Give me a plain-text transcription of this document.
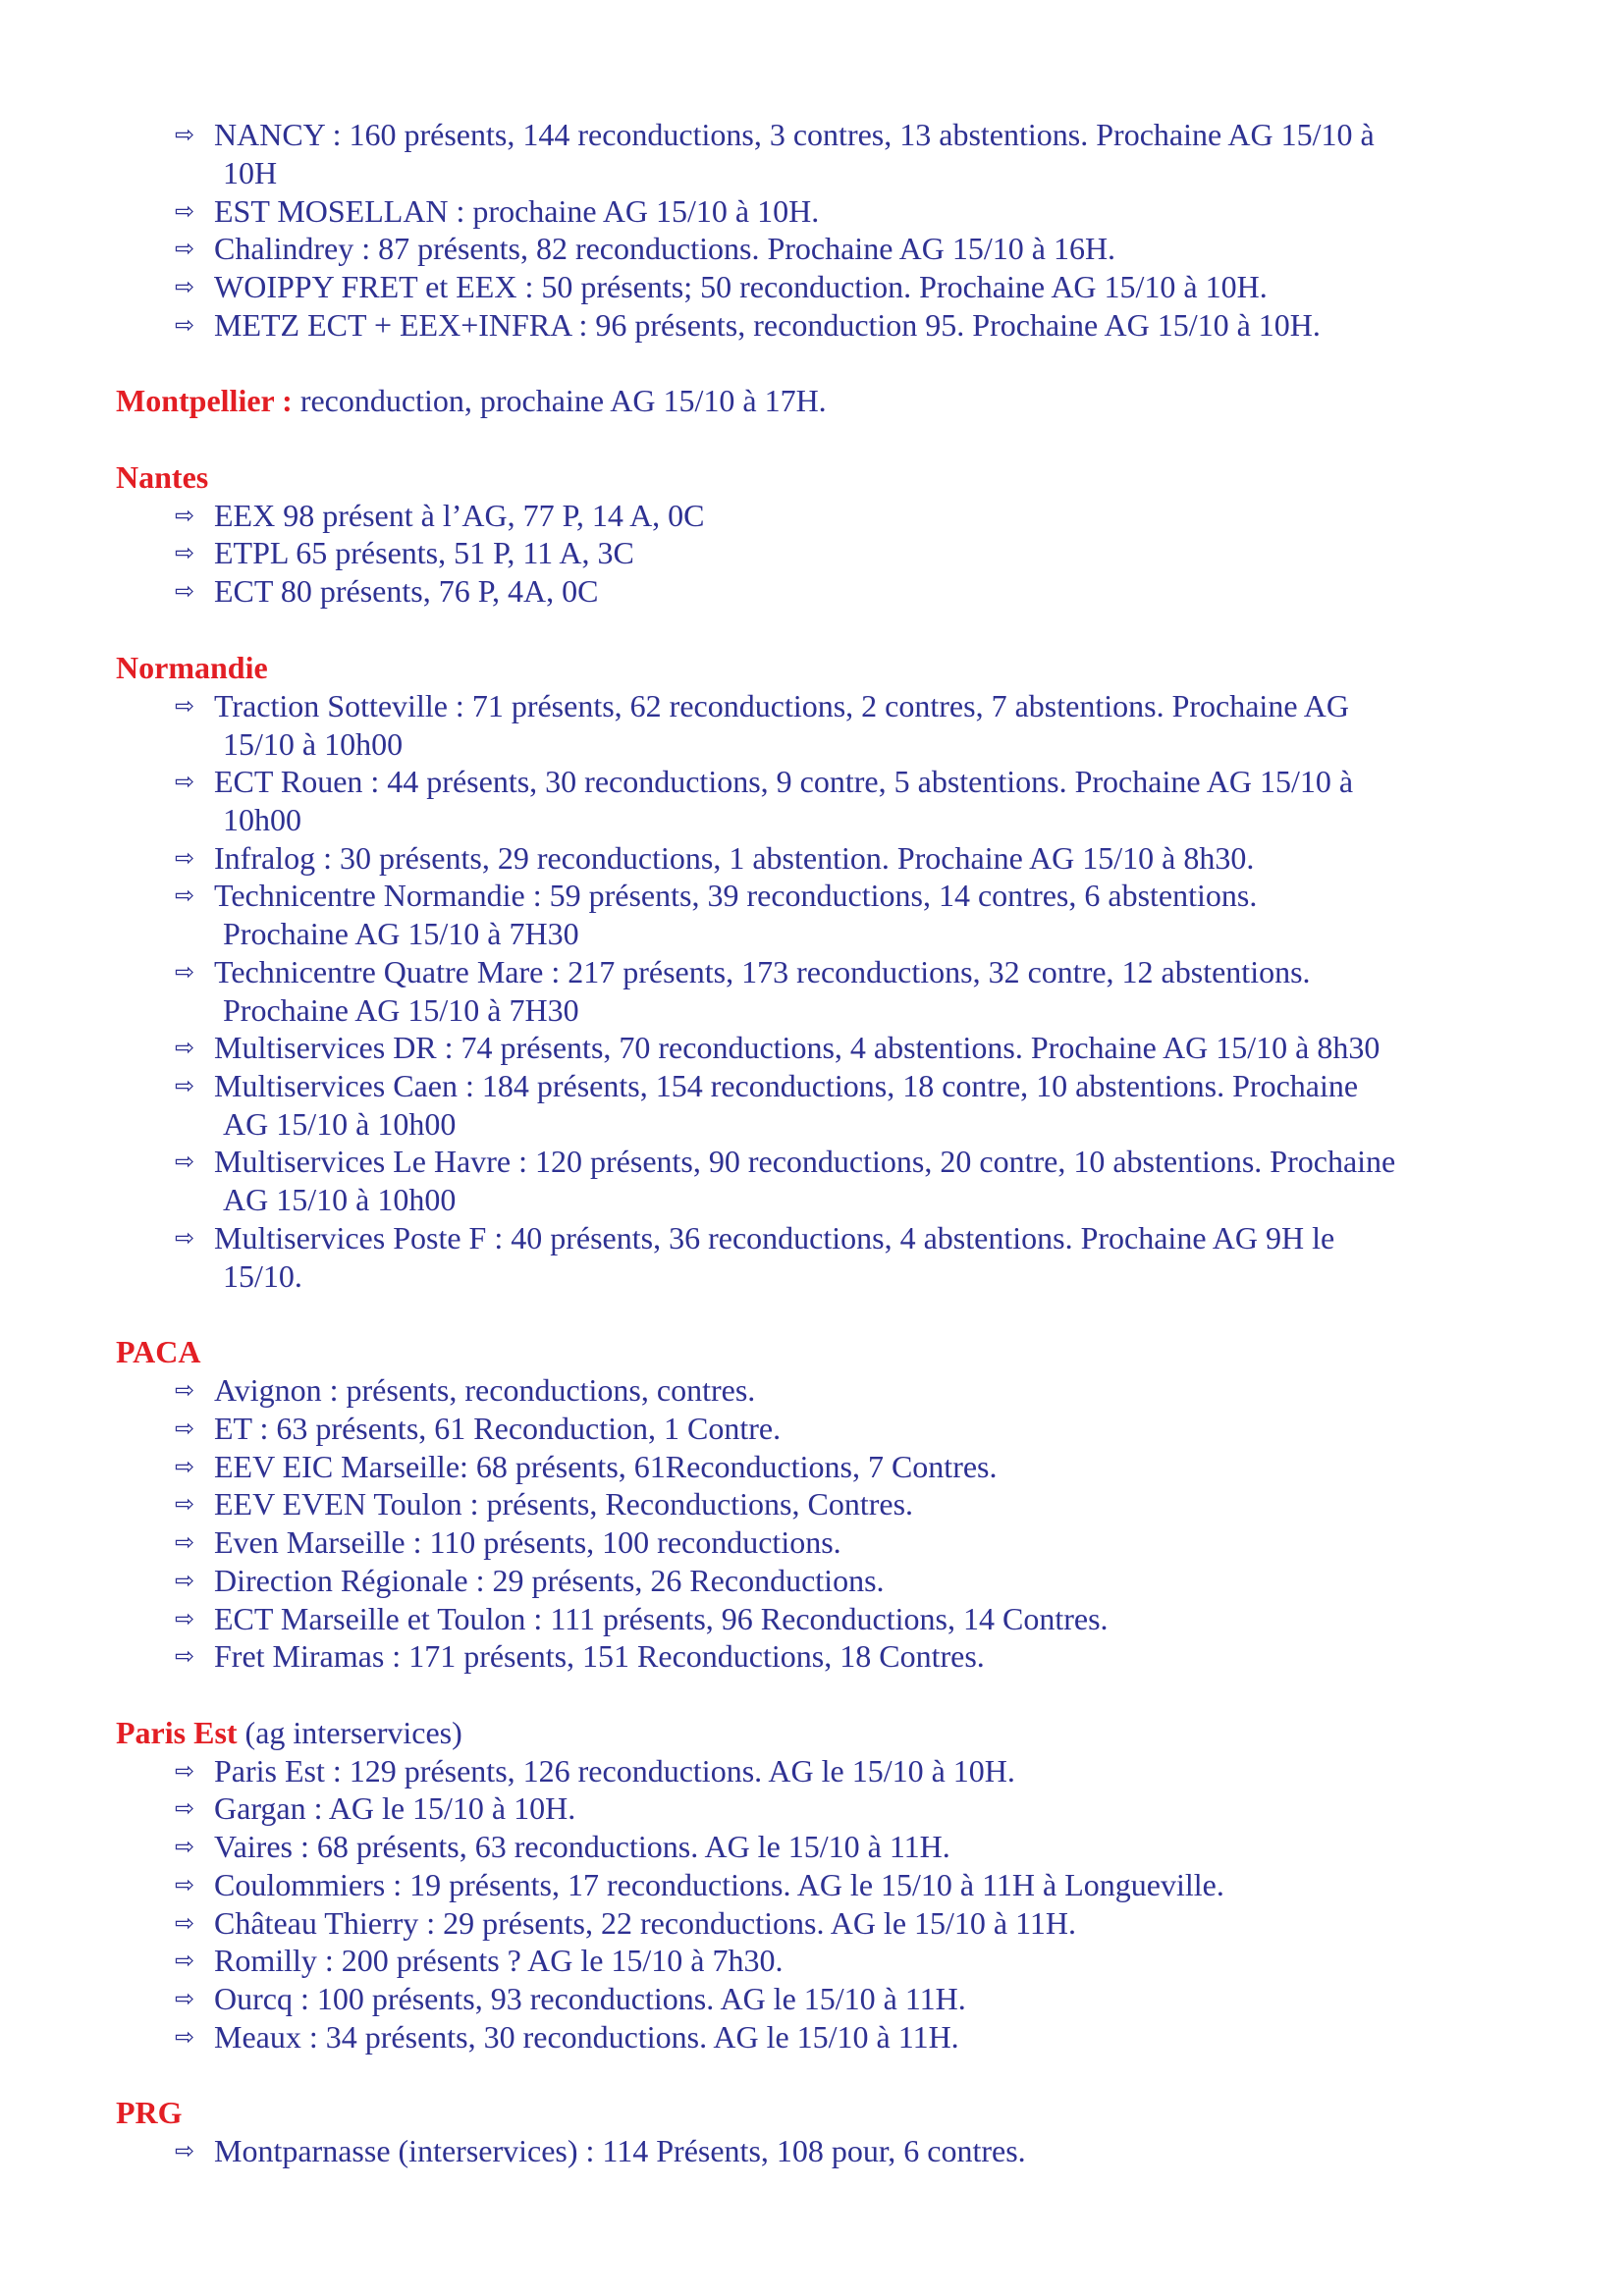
⇨ NANCY : 160 présents, 144 reconductions, 3 contres, 13 abstentions. Prochaine AG 15/10 à
10H
⇨ EST MOSELLAN : prochaine AG 15/10 à 10H.
⇨ Chalindrey : 87 présents, 82 reconductions. Prochaine AG 15/10 à 16H.
⇨ WOIPPY FRET et EEX : 50 présents; 50 reconduction. Prochaine AG 15/10 à 10H.
⇨ METZ ECT + EEX+INFRA : 96 présents, reconduction 95. Prochaine AG 15/10 à 10H.
Montpellier : reconduction, prochaine AG 15/10 à 17H.
Nantes
⇨ EEX 98 présent à l’AG, 77 P, 14 A, 0C
⇨ ETPL 65 présents, 51 P, 11 A, 3C
⇨ ECT 80 présents, 76 P, 4A, 0C
Normandie
⇨ Traction Sotteville : 71 présents, 62 reconductions, 2 contres, 7 abstentions. Prochaine AG
15/10 à 10h00
⇨ ECT Rouen : 44 présents, 30 reconductions, 9 contre, 5 abstentions. Prochaine AG 15/10 à
10h00
⇨ Infralog : 30 présents, 29 reconductions, 1 abstention. Prochaine AG 15/10 à 8h30.
⇨ Technicentre Normandie : 59 présents, 39 reconductions, 14 contres, 6 abstentions.
Prochaine AG 15/10 à 7H30
⇨ Technicentre Quatre Mare : 217 présents, 173 reconductions, 32 contre, 12 abstentions.
Prochaine AG 15/10 à 7H30
⇨ Multiservices DR : 74 présents, 70 reconductions, 4 abstentions. Prochaine AG 15/10 à 8h30
⇨ Multiservices Caen : 184 présents, 154 reconductions, 18 contre, 10 abstentions. Prochaine
AG 15/10 à 10h00
⇨ Multiservices Le Havre : 120 présents, 90 reconductions, 20 contre, 10 abstentions. Prochaine
AG 15/10 à 10h00
⇨ Multiservices Poste F : 40 présents, 36 reconductions, 4 abstentions. Prochaine AG 9H le
15/10.
PACA
⇨ Avignon : présents, reconductions, contres.
⇨ ET : 63 présents, 61 Reconduction, 1 Contre.
⇨ EEV EIC Marseille: 68 présents, 61Reconductions, 7 Contres.
⇨ EEV EVEN Toulon : présents, Reconductions, Contres.
⇨ Even Marseille : 110 présents, 100 reconductions.
⇨ Direction Régionale : 29 présents, 26 Reconductions.
⇨ ECT Marseille et Toulon : 111 présents, 96 Reconductions, 14 Contres.
⇨ Fret Miramas : 171 présents, 151 Reconductions, 18 Contres.
Paris Est (ag interservices)
⇨ Paris Est : 129 présents, 126 reconductions. AG le 15/10 à 10H.
⇨ Gargan : AG le 15/10 à 10H.
⇨ Vaires : 68 présents, 63 reconductions. AG le 15/10 à 11H.
⇨ Coulommiers : 19 présents, 17 reconductions. AG le 15/10 à 11H à Longueville.
⇨ Château Thierry : 29 présents, 22 reconductions. AG le 15/10 à 11H.
⇨ Romilly : 200 présents ? AG le 15/10 à 7h30.
⇨ Ourcq : 100 présents, 93 reconductions. AG le 15/10 à 11H.
⇨ Meaux : 34 présents, 30 reconductions. AG le 15/10 à 11H.
PRG
⇨ Montparnasse (interservices) : 114 Présents, 108 pour, 6 contres.
